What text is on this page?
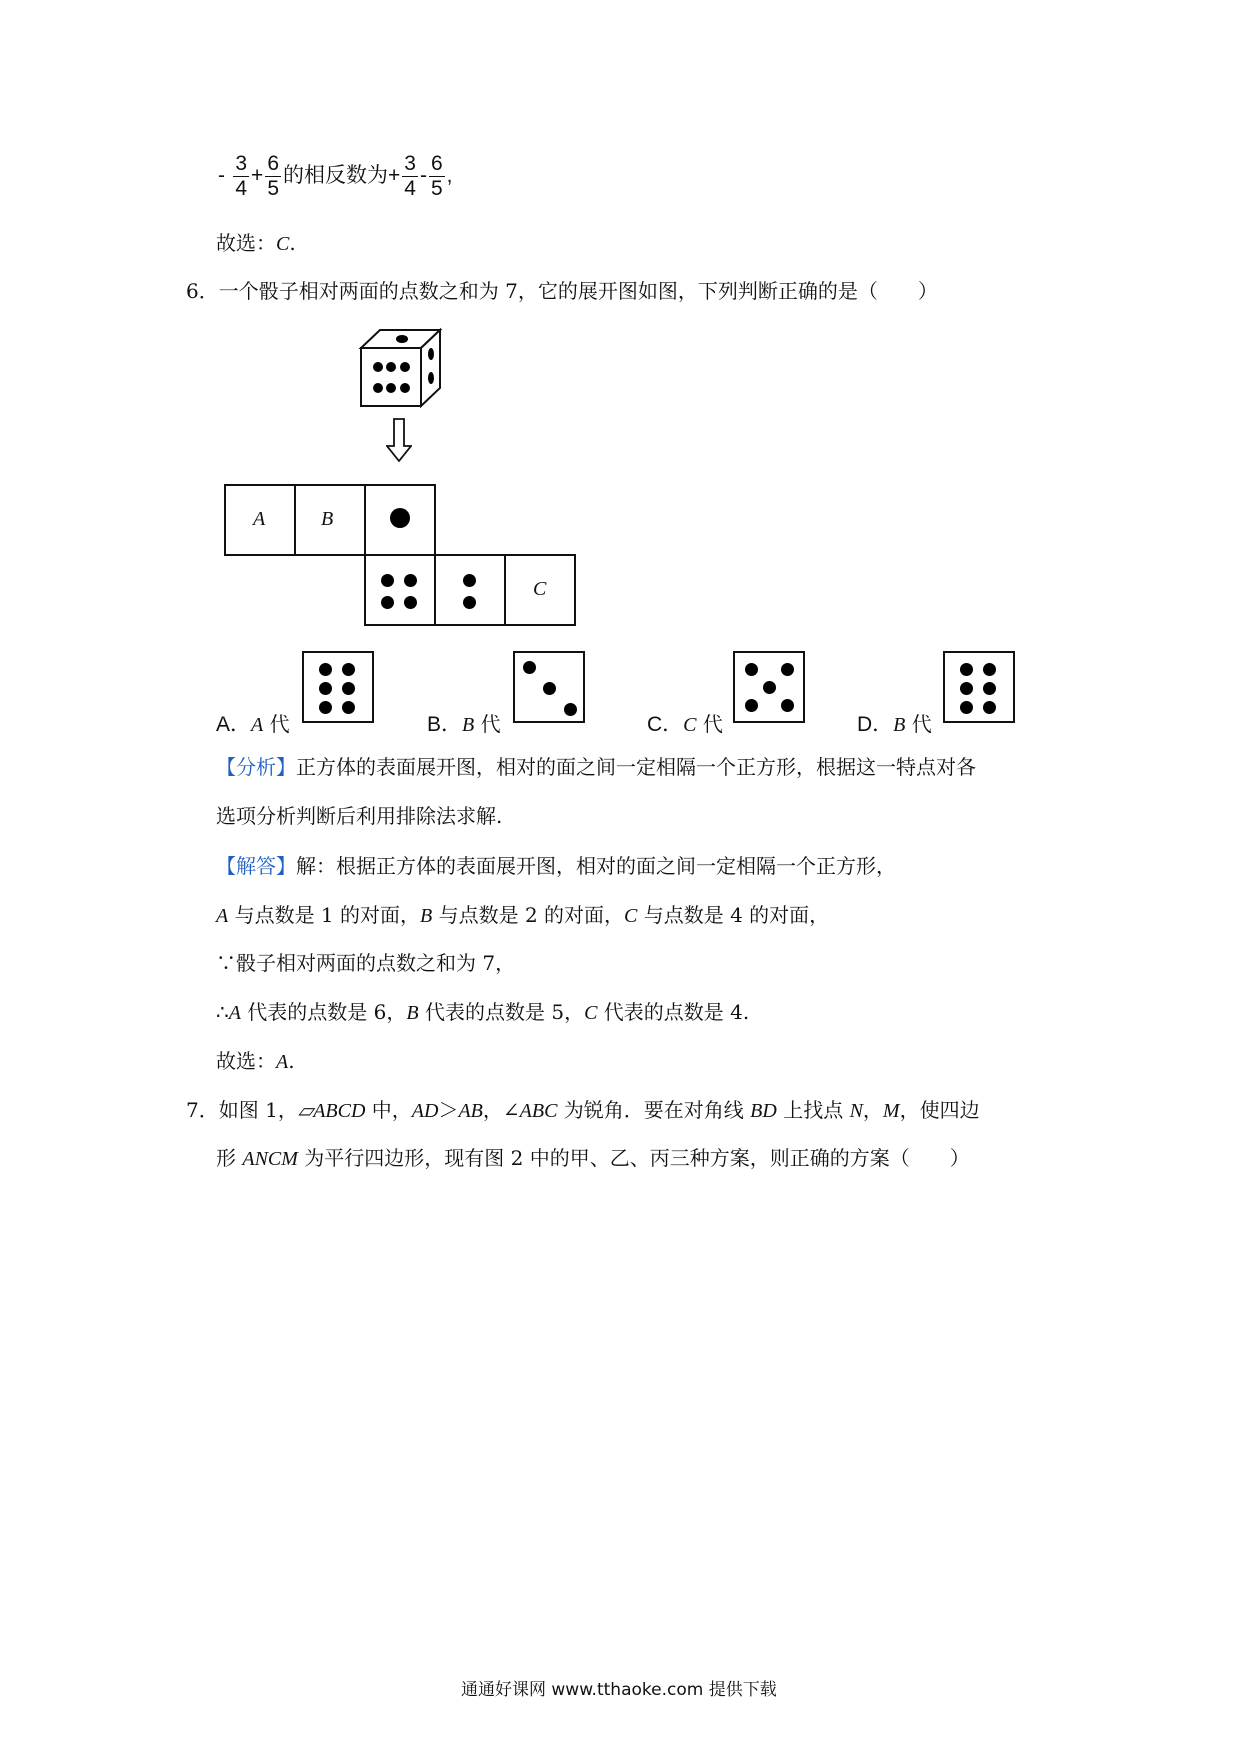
- $\frac{3}{4} + \frac{6}{5}$ 的相反数为+ $\frac{3}{4} - \frac{6}{5}$ ,
故选：C.
6．一个骰子相对两面的点数之和为 7，它的展开图如图，下列判断正确的是（　　）
A	B
C
A．A 代	B．B 代	C．C 代	D．B 代
【分析】正方体的表面展开图，相对的面之间一定相隔一个正方形，根据这一特点对各
选项分析判断后利用排除法求解.
【解答】解：根据正方体的表面展开图，相对的面之间一定相隔一个正方形，
A 与点数是 1 的对面，B 与点数是 2 的对面，C 与点数是 4 的对面，
∵骰子相对两面的点数之和为 7，
∴A 代表的点数是 6，B 代表的点数是 5，C 代表的点数是 4.
故选：A.
7．如图 1，▱ABCD 中，AD＞AB，∠ABC 为锐角．要在对角线 BD 上找点 N，M，使四边
形 ANCM 为平行四边形，现有图 2 中的甲、乙、丙三种方案，则正确的方案（　　）
通通好课网 www.tthaoke.com 提供下载
